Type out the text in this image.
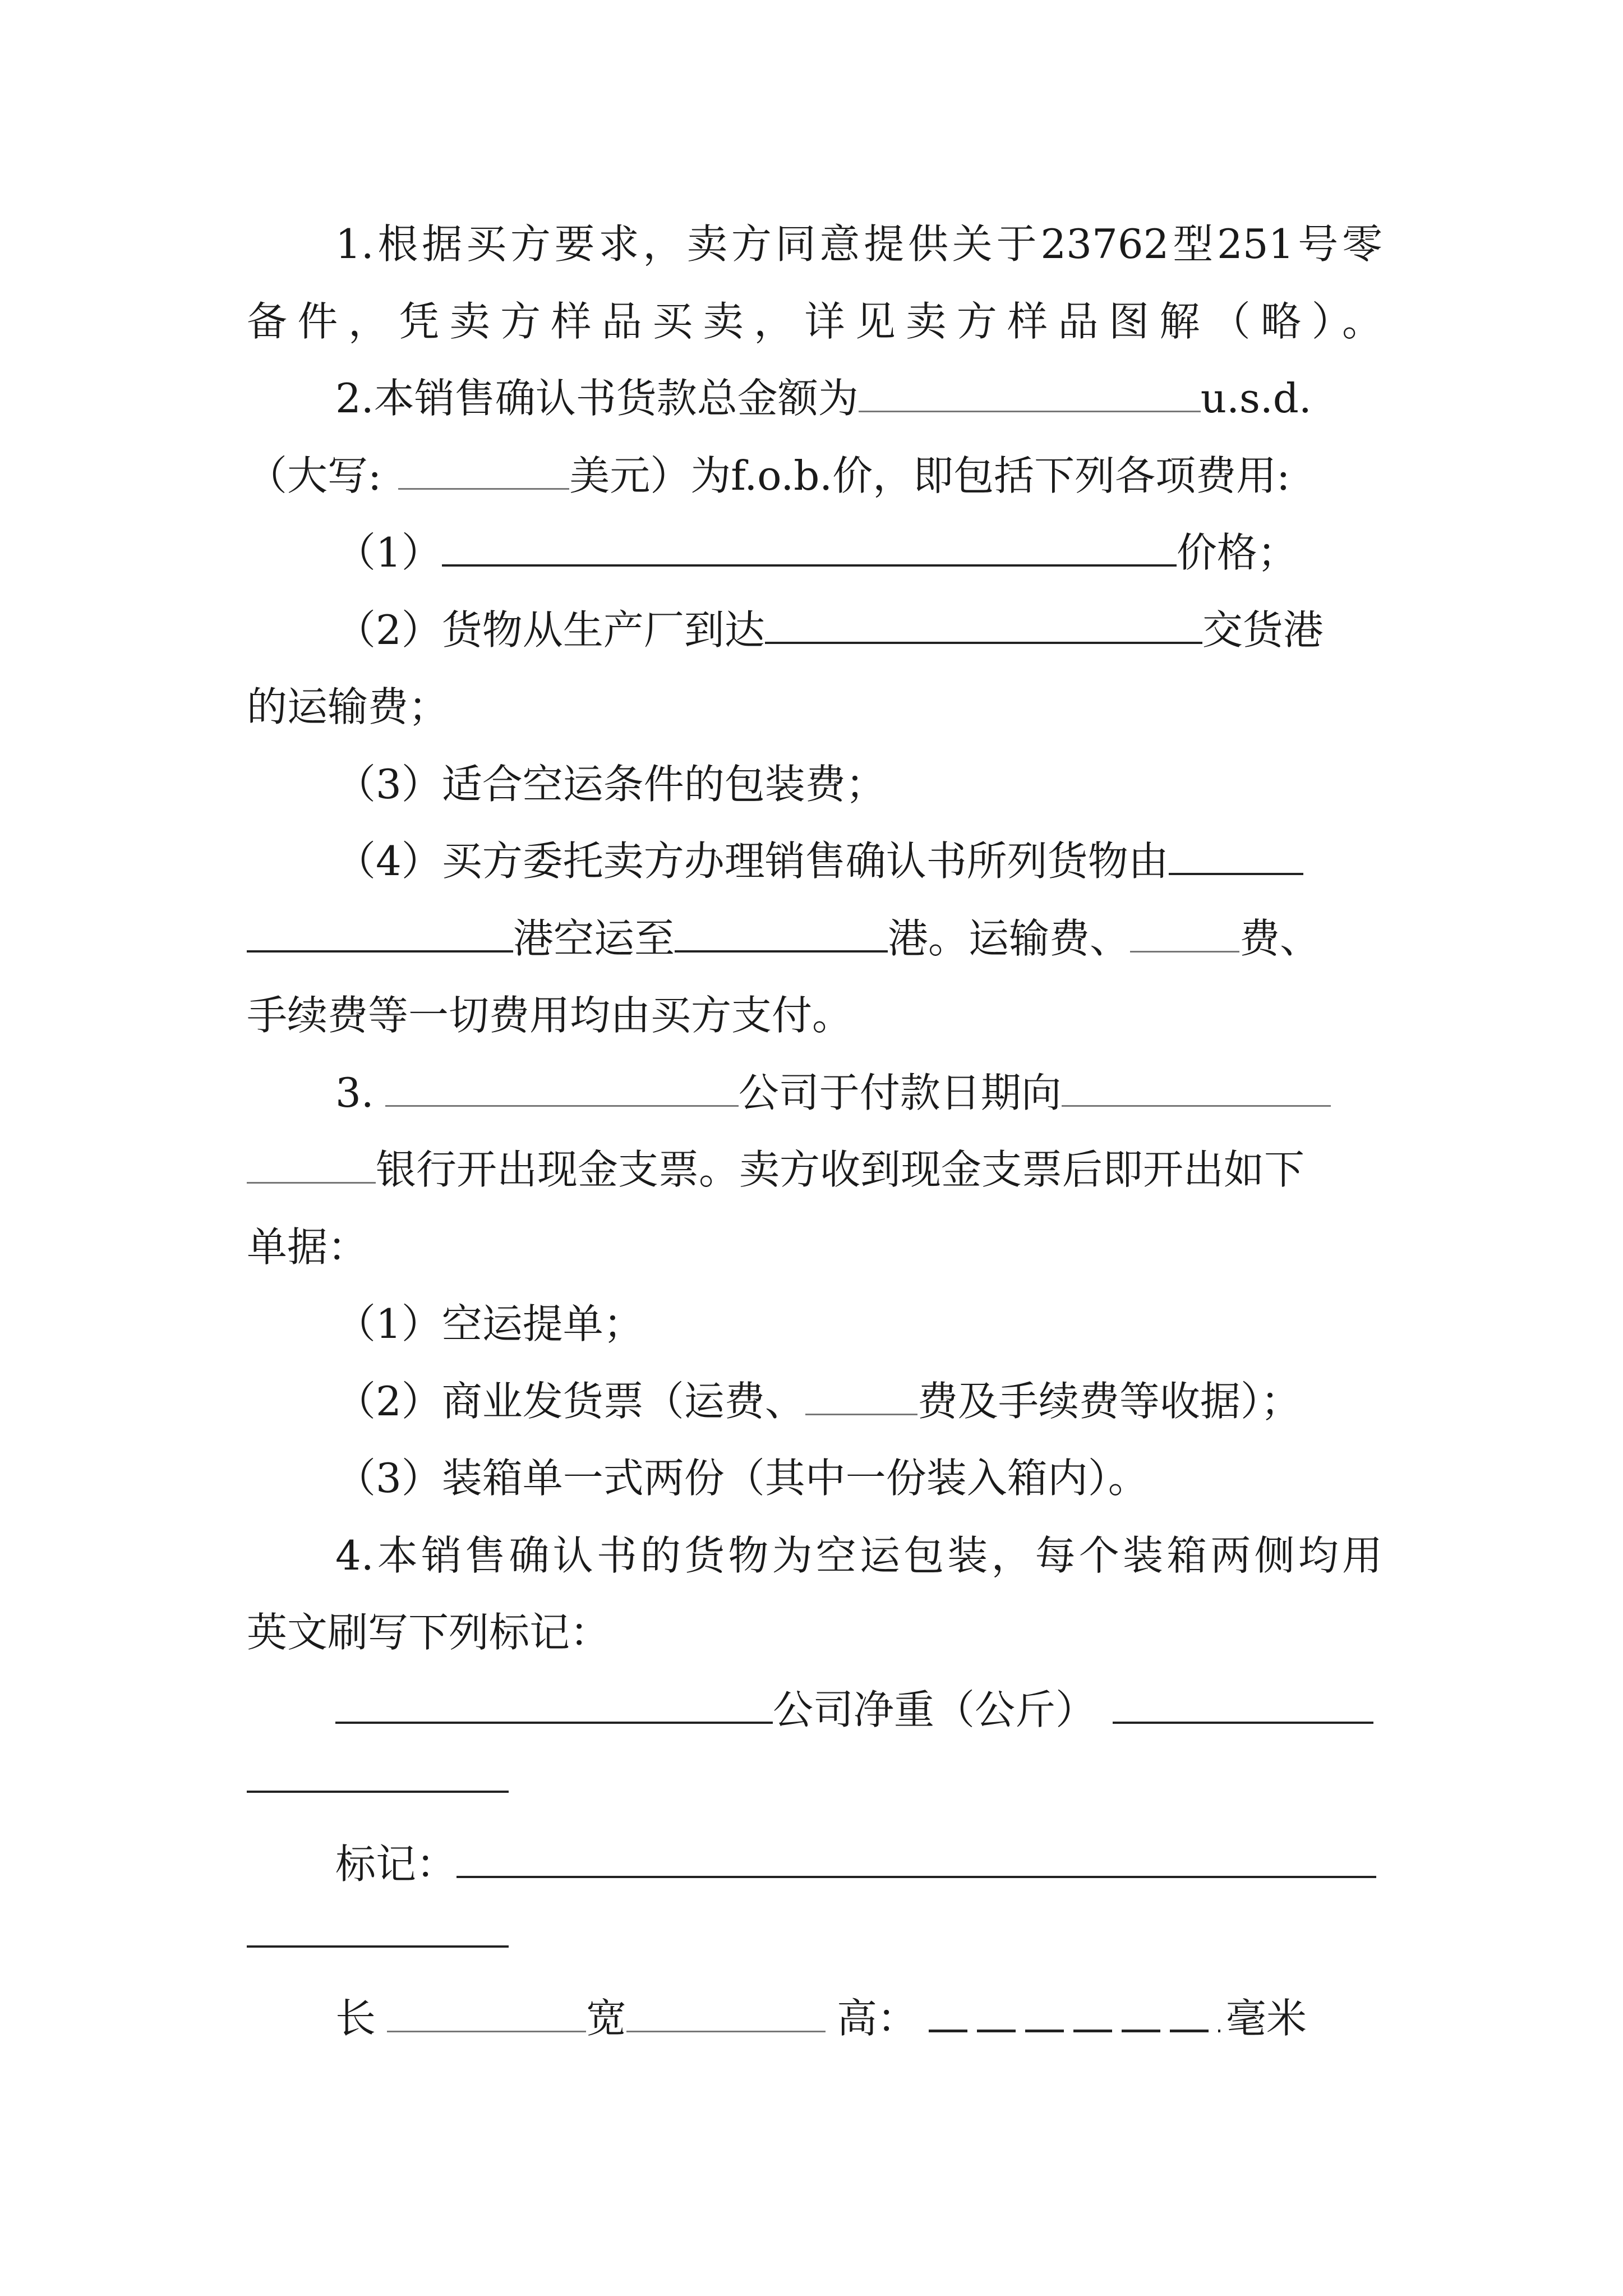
1.根据买方要求，卖方同意提供关于23762型251号零
备件，凭卖方样品买卖，详见卖方样品图解（略）。
2.本销售确认书货款总金额为	u.s.d.
（大写:	美元）为f.o.b.价，即包括下列各项费用:
（1）	价格；
（2）货物从生产厂到达	交货港
的运输费；
（3）适合空运条件的包装费；
（4）买方委托卖方办理销售确认书所列货物由
港空运至	港。运输费、	费、
手续费等一切费用均由买方支付。
3.	公司于付款日期向
银行开出现金支票。卖方收到现金支票后即开出如下
单据：
（1）空运提单；
（2）商业发货票（运费、	费及手续费等收据）；
（3）装箱单一式两份（其中一份装入箱内）。
4.本销售确认书的货物为空运包装，每个装箱两侧均用
英文刷写下列标记：
公司净重（公斤）
标记：
长	宽	高：	毫米
